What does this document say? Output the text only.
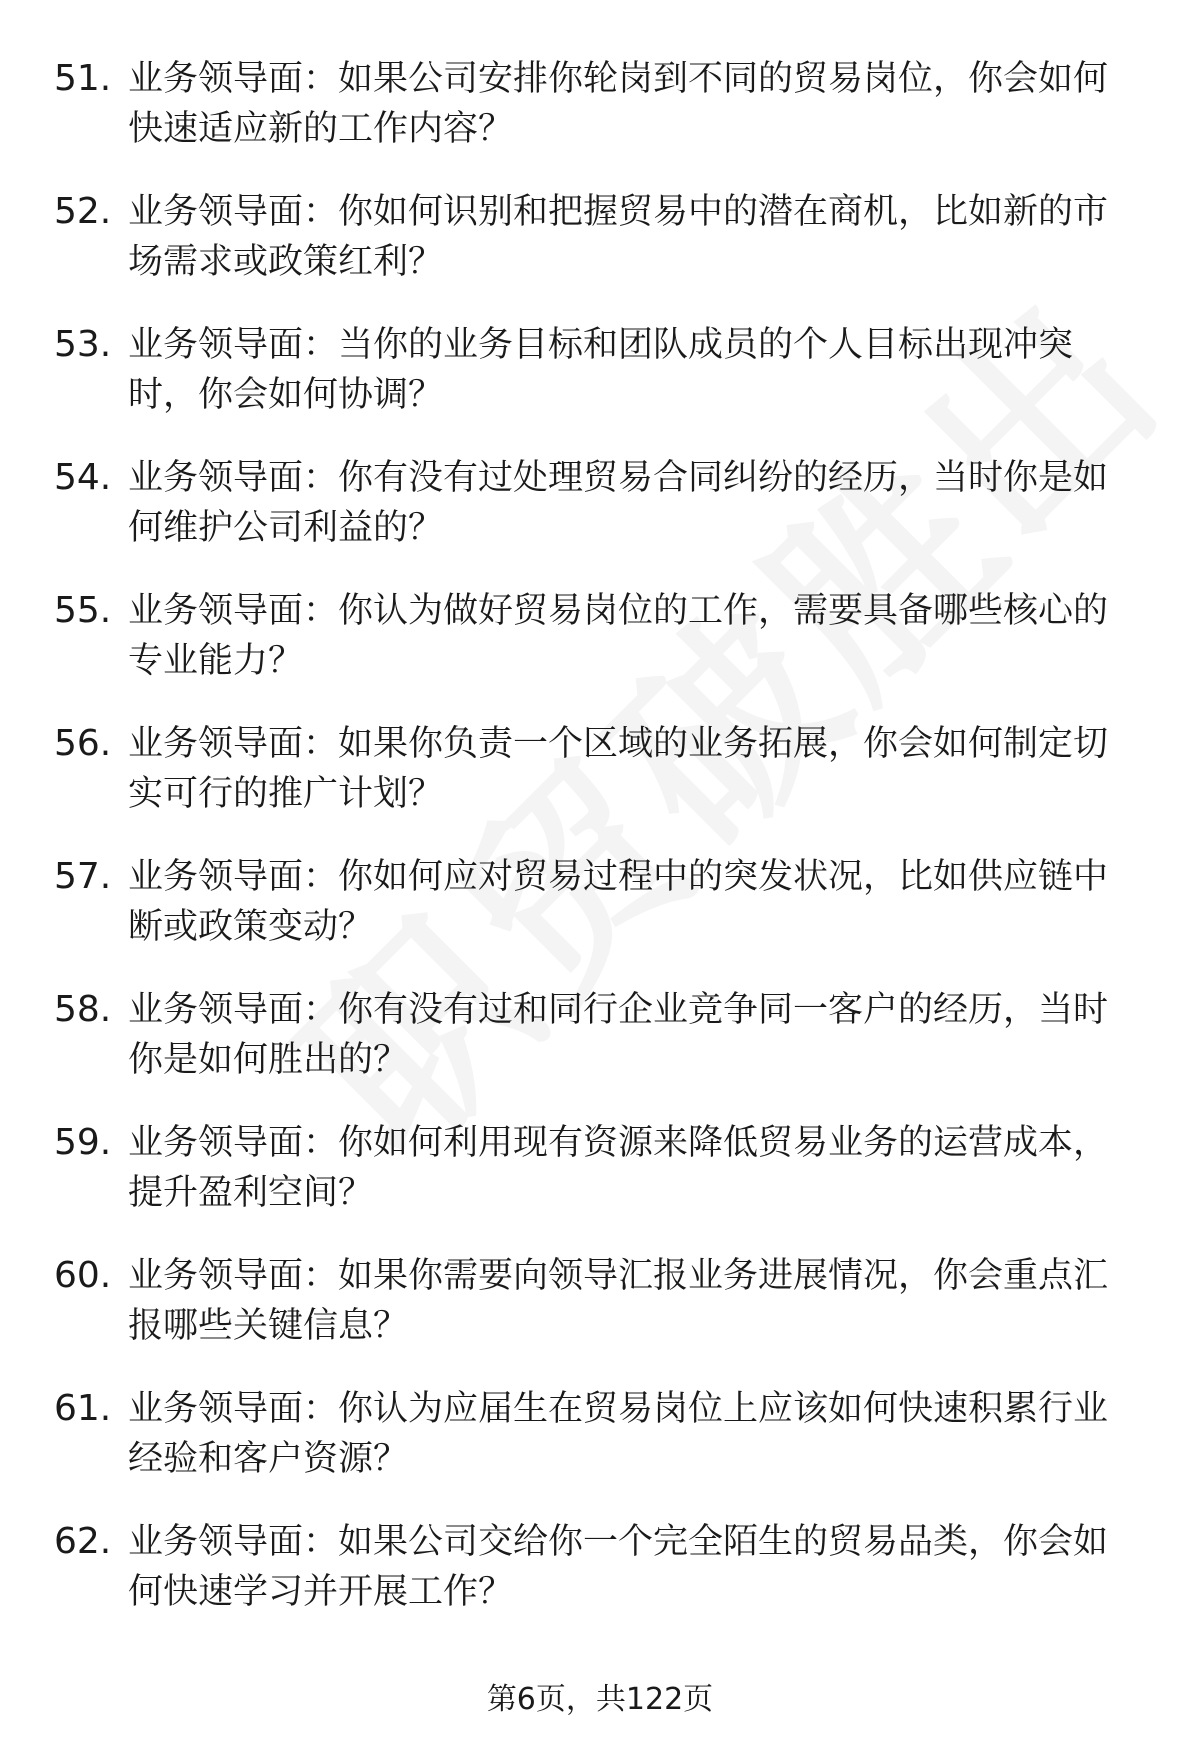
51. 业务领导面：如果公司安排你轮岗到不同的贸易岗位，你会如何快速适应新的工作内容？
52. 业务领导面：你如何识别和把握贸易中的潜在商机，比如新的市场需求或政策红利？
53. 业务领导面：当你的业务目标和团队成员的个人目标出现冲突时，你会如何协调？
54. 业务领导面：你有没有过处理贸易合同纠纷的经历，当时你是如何维护公司利益的？
55. 业务领导面：你认为做好贸易岗位的工作，需要具备哪些核心的专业能力？
56. 业务领导面：如果你负责一个区域的业务拓展，你会如何制定切实可行的推广计划？
57. 业务领导面：你如何应对贸易过程中的突发状况，比如供应链中断或政策变动？
58. 业务领导面：你有没有过和同行企业竞争同一客户的经历，当时你是如何胜出的？
59. 业务领导面：你如何利用现有资源来降低贸易业务的运营成本，提升盈利空间？
60. 业务领导面：如果你需要向领导汇报业务进展情况，你会重点汇报哪些关键信息？
61. 业务领导面：你认为应届生在贸易岗位上应该如何快速积累行业经验和客户资源？
62. 业务领导面：如果公司交给你一个完全陌生的贸易品类，你会如何快速学习并开展工作？
第6页，共122页
